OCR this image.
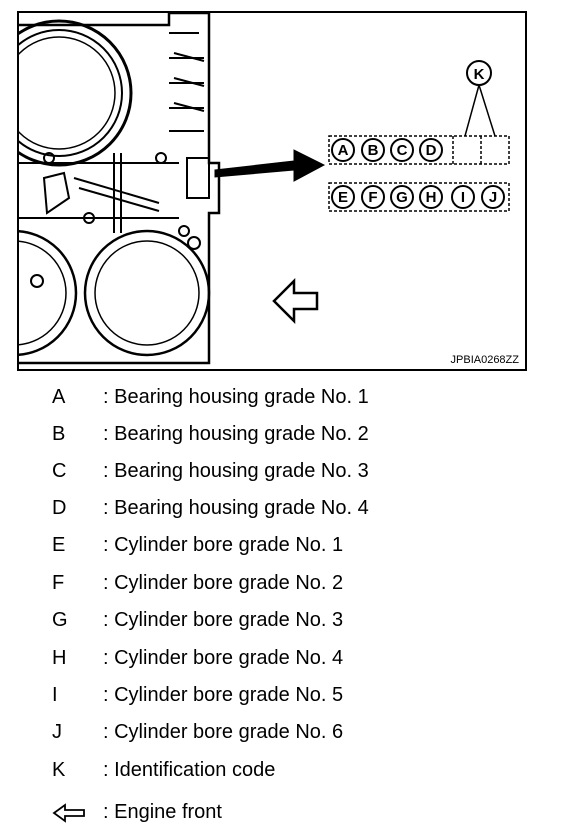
A B C D
K
E F G H I J
JPBIA0268ZZ
A : Bearing housing grade No. 1
B : Bearing housing grade No. 2
C : Bearing housing grade No. 3
D : Bearing housing grade No. 4
E : Cylinder bore grade No. 1
F : Cylinder bore grade No. 2
G : Cylinder bore grade No. 3
H : Cylinder bore grade No. 4
I : Cylinder bore grade No. 5
J : Cylinder bore grade No. 6
K : Identification code
: Engine front
